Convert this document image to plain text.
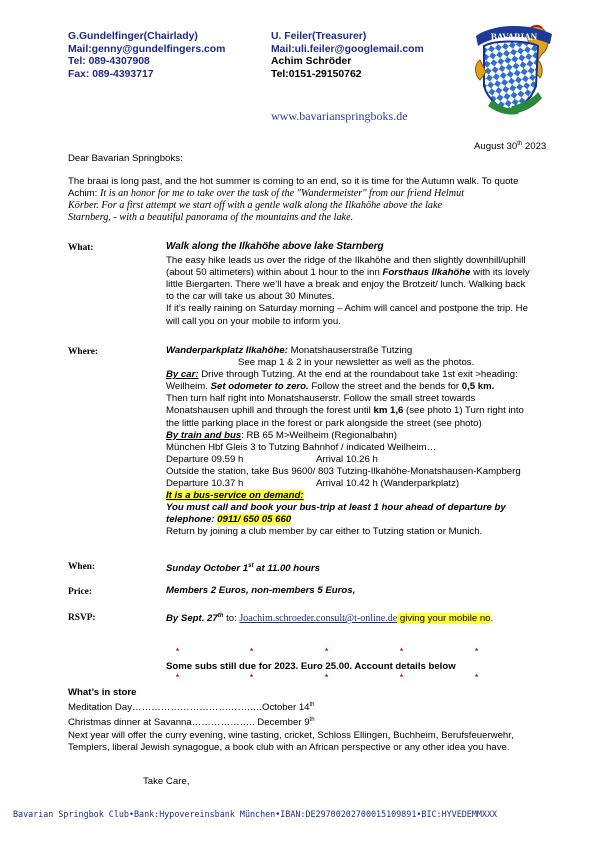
G.Gundelfinger(Chairlady)
Mail:genny@gundelfingers.com
Tel: 089-4307908
Fax: 089-4393717
U. Feiler(Treasurer)
Mail:uli.feiler@googlemail.com
Achim Schröder
Tel:0151-29150762
BAVARIAN
www.bavarianspringboks.de
August 30th 2023
Dear Bavarian Springboks:
The braai is long past, and the hot summer is coming to an end, so it is time for the Autumn walk. To quote
Achim: It is an honor for me to take over the task of the "Wandermeister" from our friend Helmut
Körber. For a first attempt we start off with a gentle walk along the Ilkahöhe above the lake
Starnberg, - with a beautiful panorama of the mountains and the lake.
What:	Walk along the Ilkahöhe above lake Starnberg
The easy hike leads us over the ridge of the Ilkahöhe and then slightly downhill/uphill
(about 50 altimeters) within about 1 hour to the inn Forsthaus Ilkahöhe with its lovely
little Biergarten. There we’ll have a break and enjoy the Brotzeit/ lunch. Walking back
to the car will take us about 30 Minutes.
If it’s really raining on Saturday morning – Achim will cancel and postpone the trip. He
will call you on your mobile to inform you.
Where:	Wanderparkplatz Ilkahöhe: Monatshauserstraße Tutzing
See map 1 & 2 in your newsletter as well as the photos.
By car: Drive through Tutzing. At the end at the roundabout take 1st exit >heading:
Weilheim. Set odometer to zero. Follow the street and the bends for 0,5 km.
Then turn half right into Monatshauserstr. Follow the small street towards
Monatshausen uphill and through the forest until km 1,6 (see photo 1) Turn right into
the little parking place in the forest or park alongside the street (see photo)
By train and bus: RB 65 M>Weilheim (Regionalbahn)
München Hbf Gleis 3 to Tutzing Bahnhof / indicated Weilheim…
Departure 09.59 h	Arrival 10.26 h
Outside the station, take Bus 9600/ 803 Tutzing-Ilkahöhe-Monatshausen-Kampberg
Departure 10.37 h	Arrival 10.42 h (Wanderparkplatz)
It is a bus-service on demand:
You must call and book your bus-trip at least 1 hour ahead of departure by
telephone: 0911/ 650 05 660
Return by joining a club member by car either to Tutzing station or Munich.
When:	Sunday October 1st at 11.00 hours
Price:	Members 2 Euros, non-members 5 Euros,
RSVP:	By Sept. 27th to: Joachim.schroeder.consult@t-online.de giving your mobile no.
*	*	*	*	*
Some subs still due for 2023. Euro 25.00. Account details below
*	*	*	*	*
What’s in store
Meditation Day……………………………….….October 14th
Christmas dinner at Savanna……………….. December 9th
Next year will offer the curry evening, wine tasting, cricket, Schloss Ellingen, Buchheim, Berufsfeuerwehr,
Templers, liberal Jewish synagogue, a book club with an African perspective or any other idea you have.
Take Care,
Bavarian Springbok Club•Bank:Hypovereinsbank München•IBAN:DE29700202700015109891•BIC:HYVEDEMMXXX
